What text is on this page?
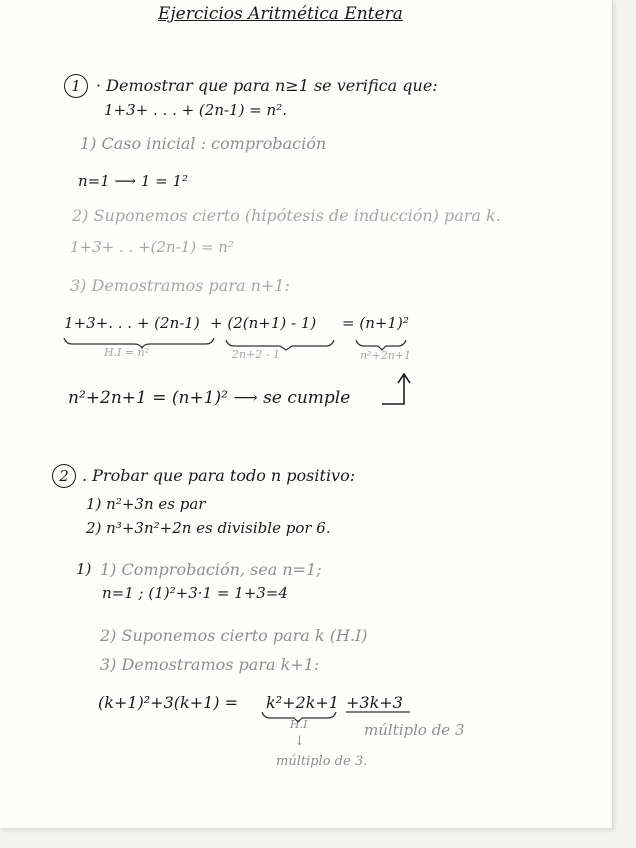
Ejercicios Aritmética Entera
1 · Demostrar que para n≥1 se verifica que:
1+3+ . . . + (2n-1) = n².
1) Caso inicial : comprobación
n=1 ⟶ 1 = 1²
2) Suponemos cierto (hipótesis de inducción) para k.
1+3+ . . +(2n-1) = n²
3) Demostramos para n+1:
1+3+. . . + (2n-1) + (2(n+1) - 1) = (n+1)²
H.I = n²	2n+2 - 1	n²+2n+1
n²+2n+1 = (n+1)² ⟶ se cumple
2 . Probar que para todo n positivo:
1) n²+3n es par
2) n³+3n²+2n es divisible por 6.
1) 1) Comprobación, sea n=1;
n=1 ; (1)²+3·1 = 1+3=4
2) Suponemos cierto para k (H.I)
3) Demostramos para k+1:
(k+1)²+3(k+1) = k²+2k+1 +3k+3
H.I
↓
múltiplo de 3.
múltiplo de 3
